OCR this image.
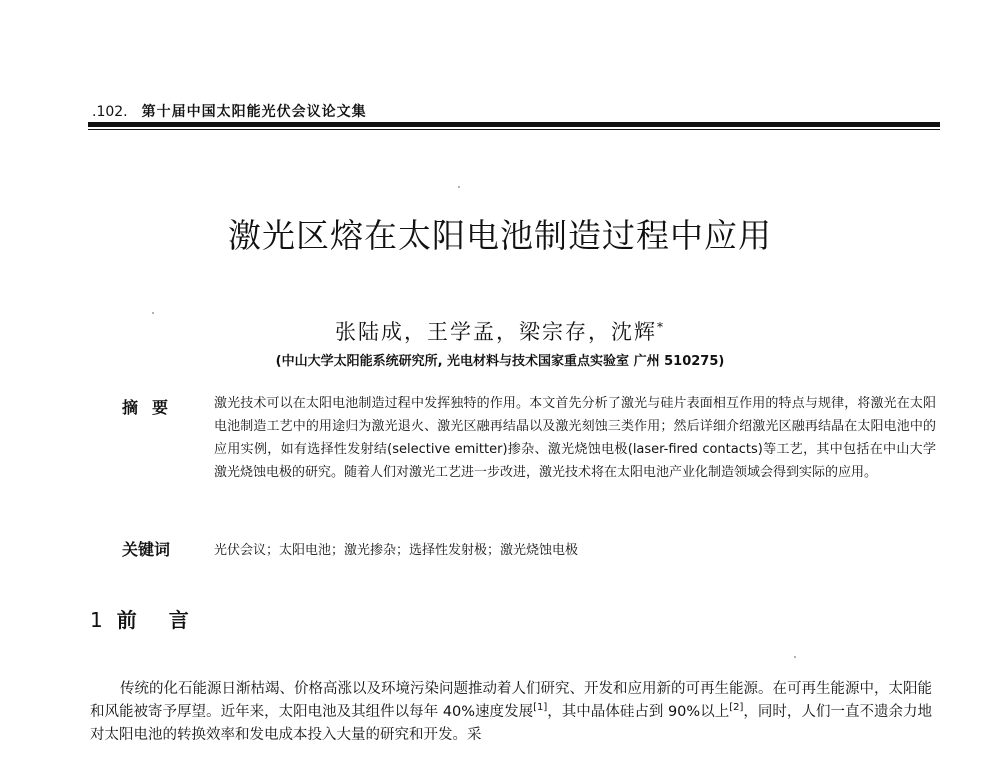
.102. 第十届中国太阳能光伏会议论文集
激光区熔在太阳电池制造过程中应用
张陆成，王学孟，梁宗存，沈辉*
(中山大学太阳能系统研究所, 光电材料与技术国家重点实验室 广州 510275)
摘要 激光技术可以在太阳电池制造过程中发挥独特的作用。本文首先分析了激光与硅片表面相互作用的特点与规律，将激光在太阳电池制造工艺中的用途归为激光退火、激光区融再结晶以及激光刻蚀三类作用；然后详细介绍激光区融再结晶在太阳电池中的应用实例，如有选择性发射结(selective emitter)掺杂、激光烧蚀电极(laser-fired contacts)等工艺，其中包括在中山大学激光烧蚀电极的研究。随着人们对激光工艺进一步改进，激光技术将在太阳电池产业化制造领域会得到实际的应用。
关键词	光伏会议；太阳电池；激光掺杂；选择性发射极；激光烧蚀电极
1 前言
传统的化石能源日渐枯竭、价格高涨以及环境污染问题推动着人们研究、开发和应用新的可再生能源。在可再生能源中，太阳能和风能被寄予厚望。近年来，太阳电池及其组件以每年 40%速度发展[1]，其中晶体硅占到 90%以上[2]，同时，人们一直不遗余力地对太阳电池的转换效率和发电成本投入大量的研究和开发。采
